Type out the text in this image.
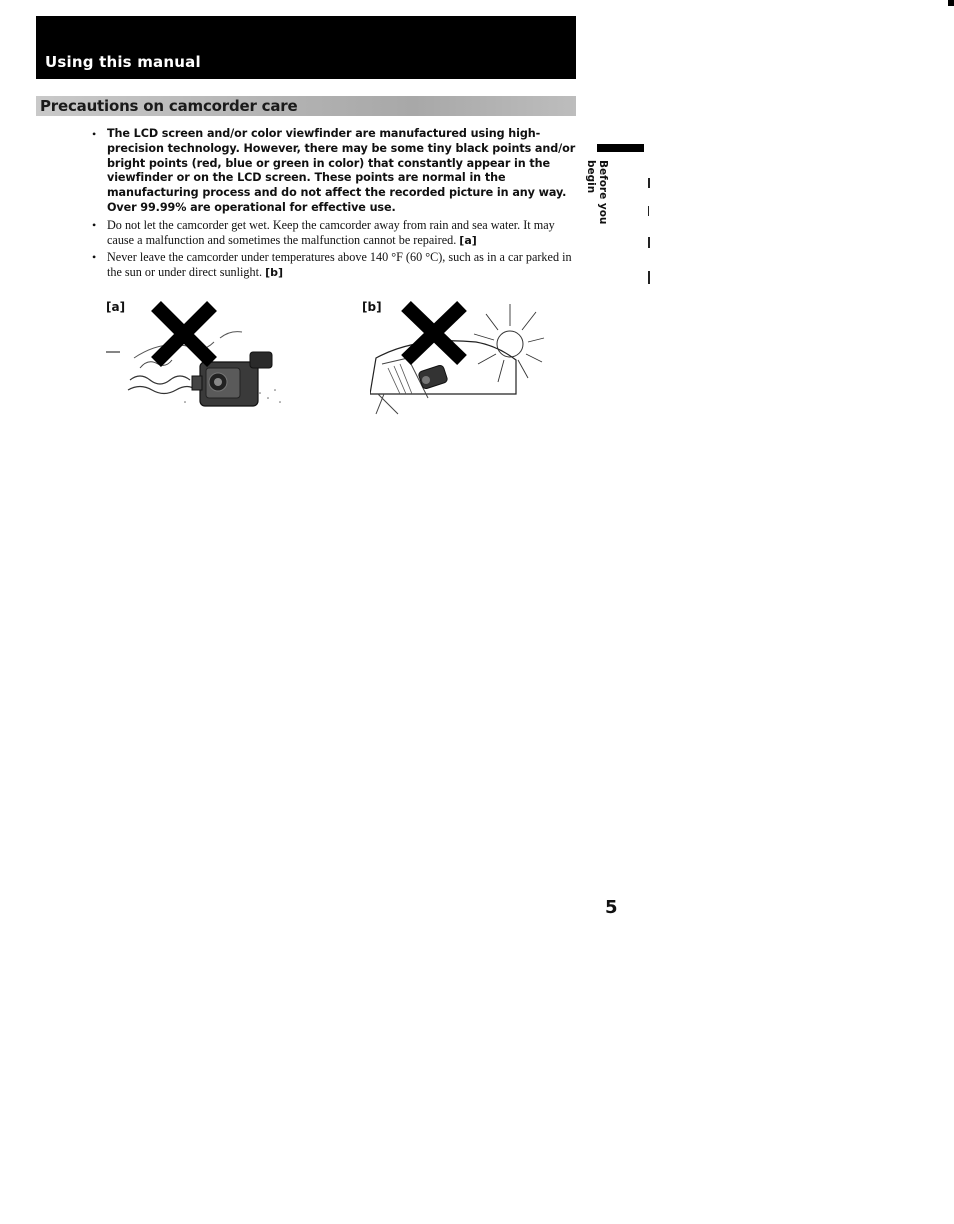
Using this manual
Precautions on camcorder care
• The LCD screen and/or color viewfinder are manufactured using high-precision technology. However, there may be some tiny black points and/or bright points (red, blue or green in color) that constantly appear in the viewfinder or on the LCD screen. These points are normal in the manufacturing process and do not affect the recorded picture in any way. Over 99.99% are operational for effective use.
• Do not let the camcorder get wet. Keep the camcorder away from rain and sea water. It may cause a malfunction and sometimes the malfunction cannot be repaired. [a]
• Never leave the camcorder under temperatures above 140 °F (60 °C), such as in a car parked in the sun or under direct sunlight. [b]
[a]	[b]
Before you begin
5
